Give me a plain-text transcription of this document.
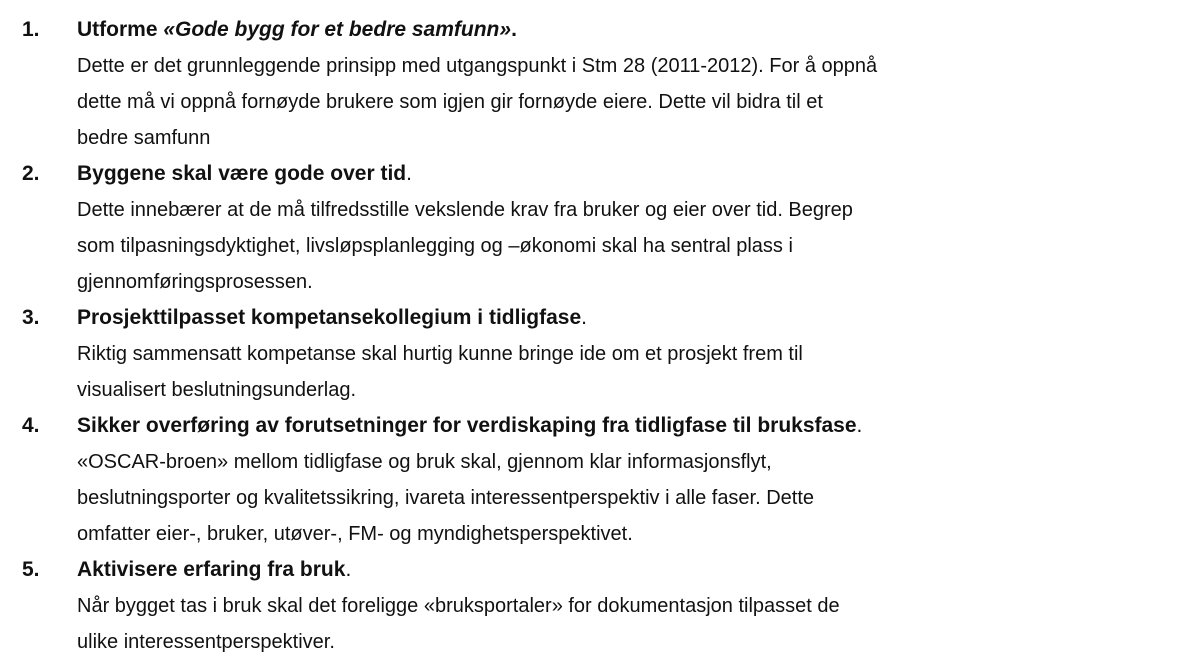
1. Utforme «Gode bygg for et bedre samfunn».
Dette er det grunnleggende prinsipp med utgangspunkt i Stm 28 (2011-2012). For å oppnå
dette må vi oppnå fornøyde brukere som igjen gir fornøyde eiere. Dette vil bidra til et
bedre samfunn
2. Byggene skal være gode over tid.
Dette innebærer at de må tilfredsstille vekslende krav fra bruker og eier over tid. Begrep
som tilpasningsdyktighet, livsløpsplanlegging og –økonomi skal ha sentral plass i
gjennomføringsprosessen.
3. Prosjekttilpasset kompetansekollegium i tidligfase.
Riktig sammensatt kompetanse skal hurtig kunne bringe ide om et prosjekt frem til
visualisert beslutningsunderlag.
4. Sikker overføring av forutsetninger for verdiskaping fra tidligfase til bruksfase.
«OSCAR-broen» mellom tidligfase og bruk skal, gjennom klar informasjonsflyt,
beslutningsporter og kvalitetssikring, ivareta interessentperspektiv i alle faser. Dette
omfatter eier-, bruker, utøver-, FM- og myndighetsperspektivet.
5. Aktivisere erfaring fra bruk.
Når bygget tas i bruk skal det foreligge «bruksportaler» for dokumentasjon tilpasset de
ulike interessentperspektiver.
